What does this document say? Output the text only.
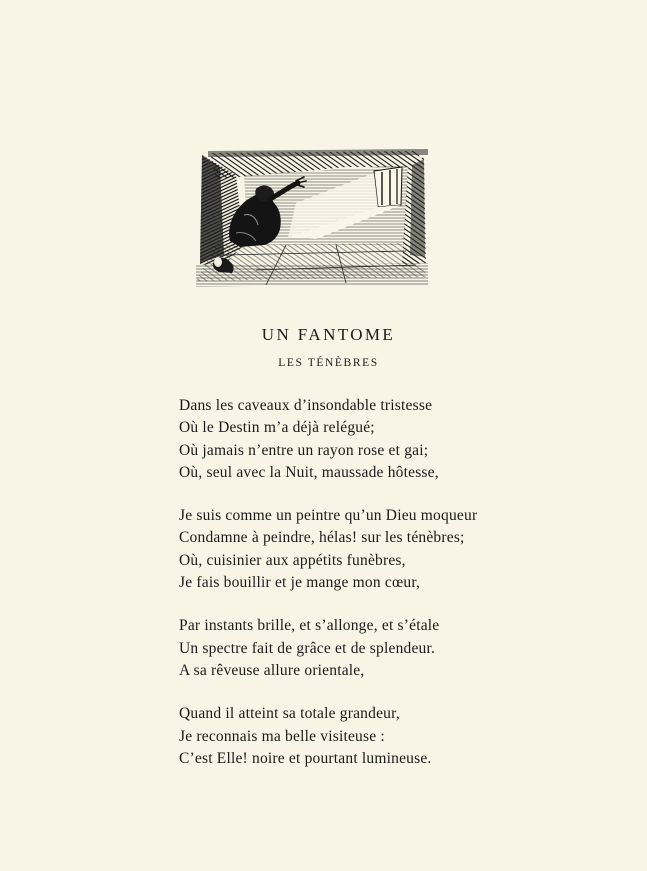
UN FANTOME
LES TÉNÈBRES
Dans les caveaux d’insondable tristesse
Où le Destin m’a déjà relégué;
Où jamais n’entre un rayon rose et gai;
Où, seul avec la Nuit, maussade hôtesse,
Je suis comme un peintre qu’un Dieu moqueur
Condamne à peindre, hélas! sur les ténèbres;
Où, cuisinier aux appétits funèbres,
Je fais bouillir et je mange mon cœur,
Par instants brille, et s’allonge, et s’étale
Un spectre fait de grâce et de splendeur.
A sa rêveuse allure orientale,
Quand il atteint sa totale grandeur,
Je reconnais ma belle visiteuse :
C’est Elle! noire et pourtant lumineuse.
